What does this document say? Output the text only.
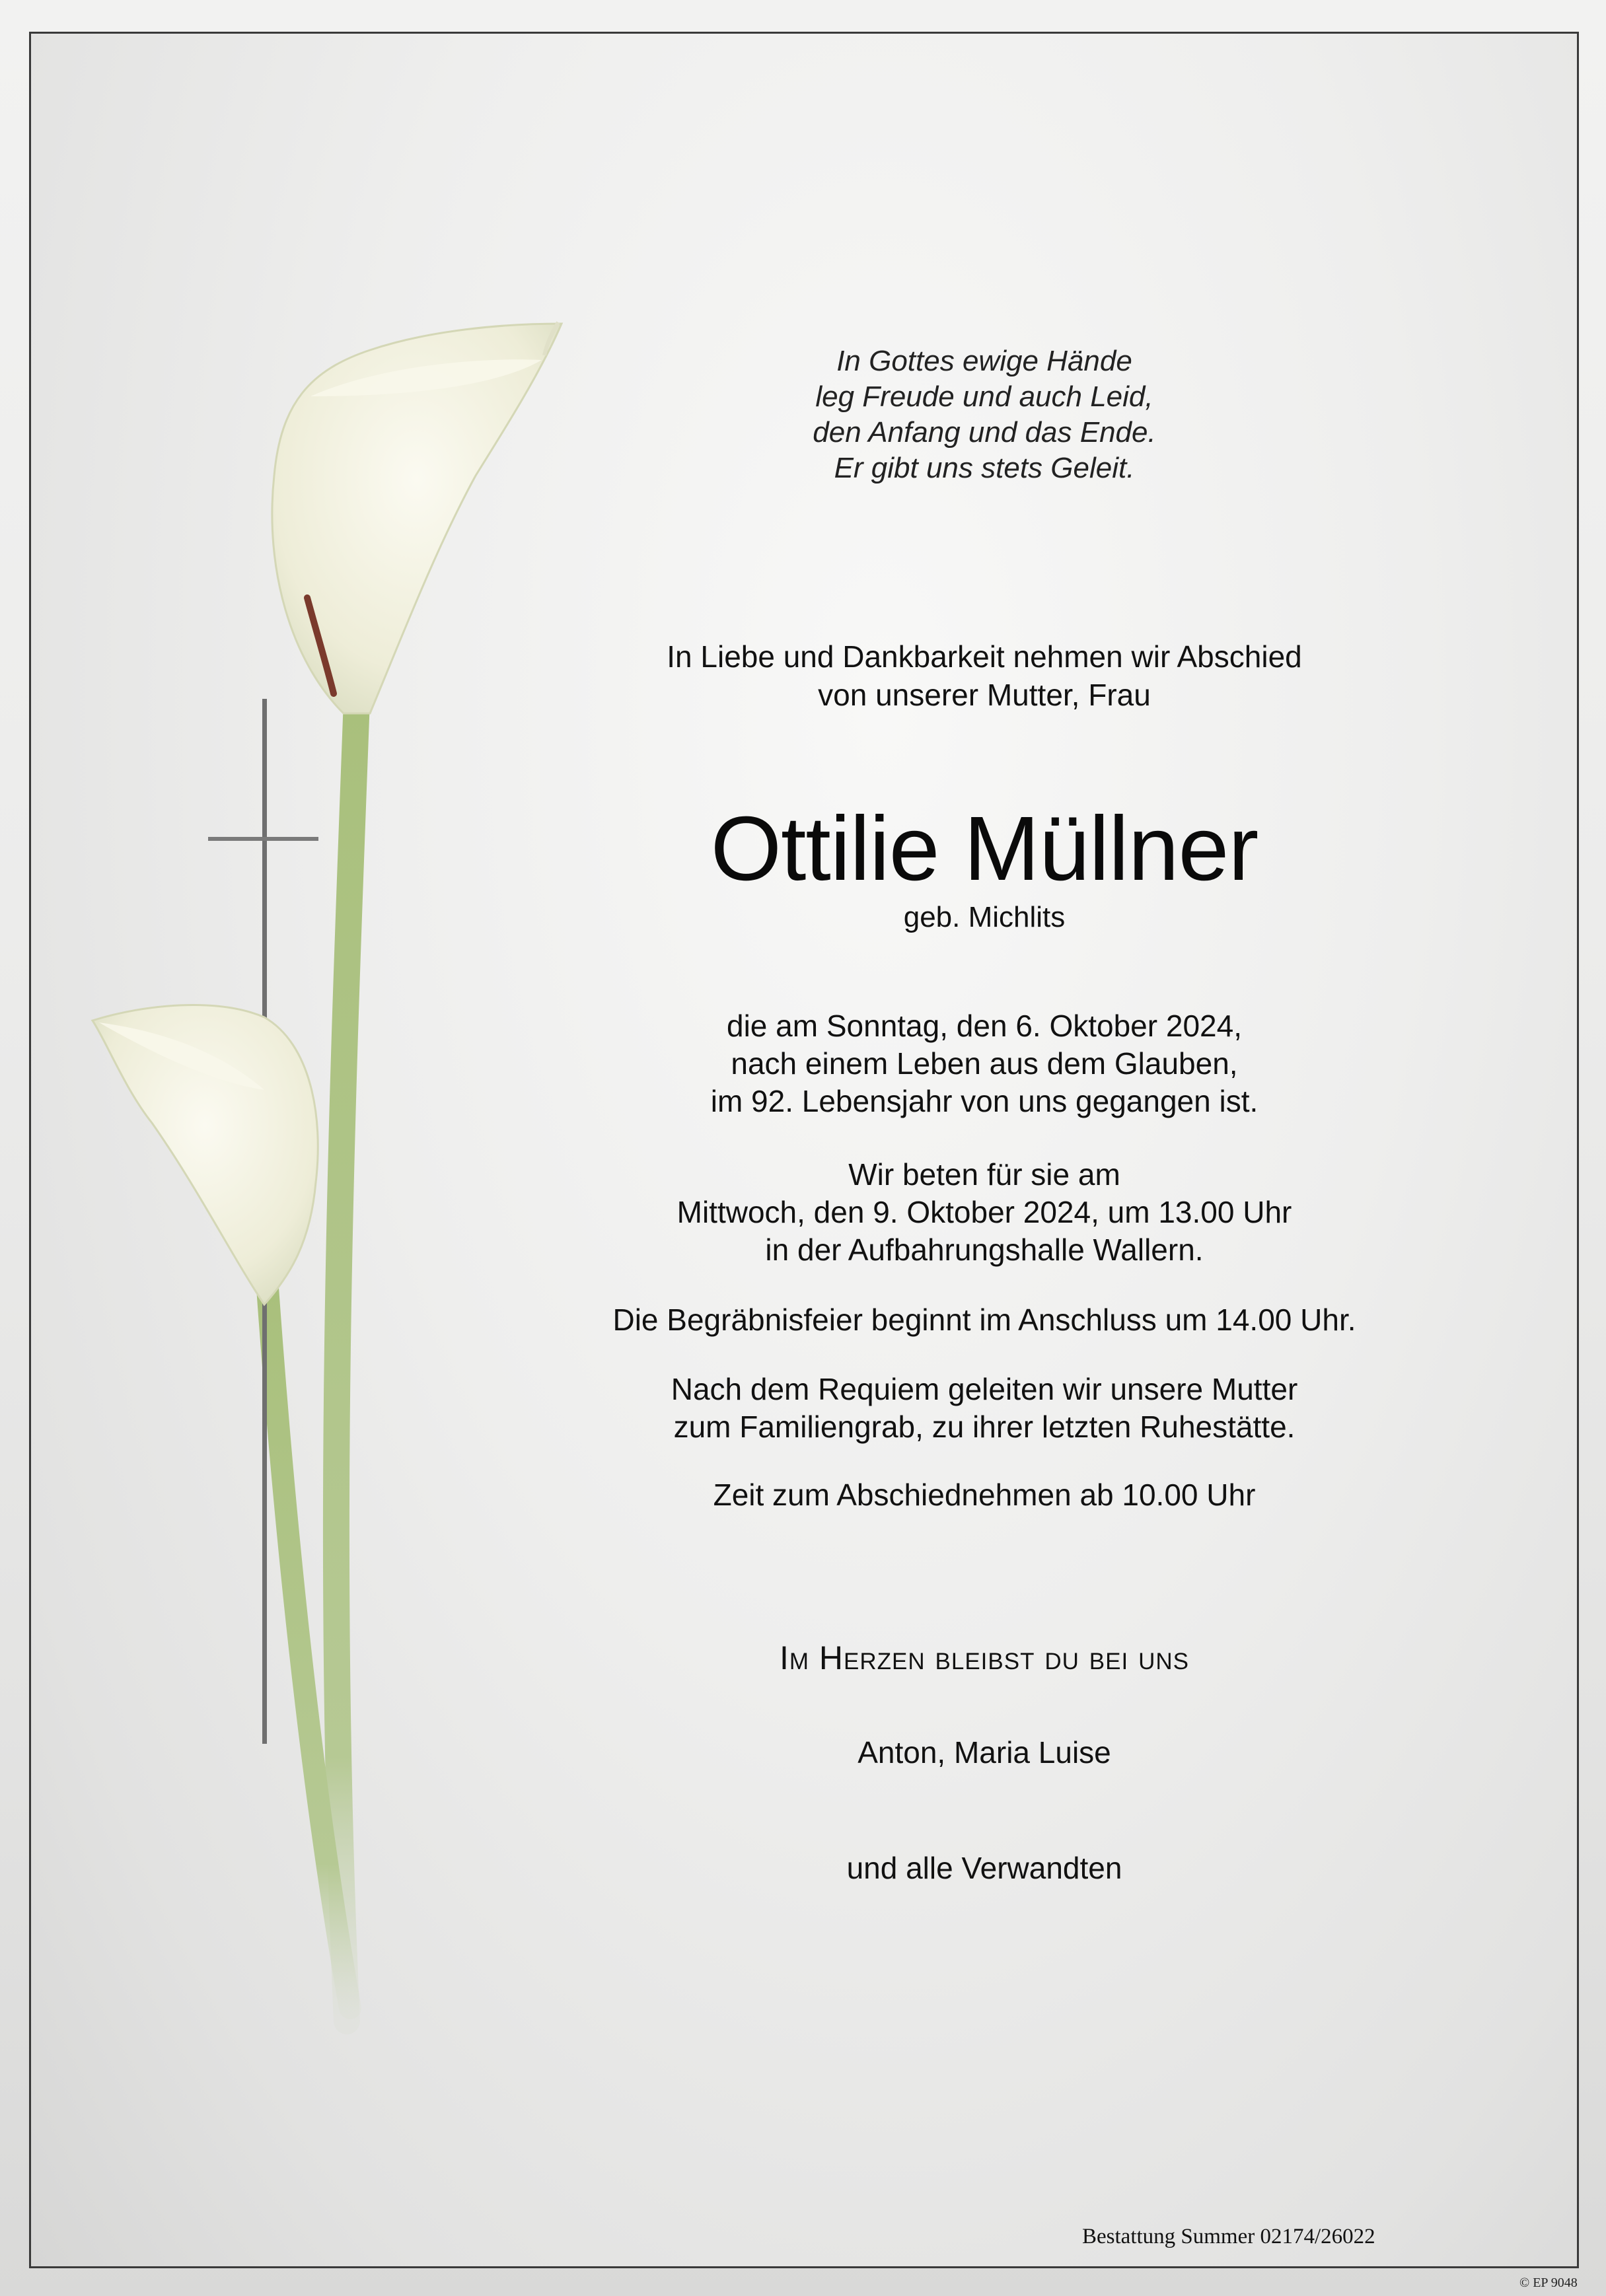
In Gottes ewige Hände
leg Freude und auch Leid,
den Anfang und das Ende.
Er gibt uns stets Geleit.
In Liebe und Dankbarkeit nehmen wir Abschied
von unserer Mutter, Frau
Ottilie Müllner
geb. Michlits
die am Sonntag, den 6. Oktober 2024,
nach einem Leben aus dem Glauben,
im 92. Lebensjahr von uns gegangen ist.
Wir beten für sie am
Mittwoch, den 9. Oktober 2024, um 13.00 Uhr
in der Aufbahrungshalle Wallern.
Die Begräbnisfeier beginnt im Anschluss um 14.00 Uhr.
Nach dem Requiem geleiten wir unsere Mutter
zum Familiengrab, zu ihrer letzten Ruhestätte.
Zeit zum Abschiednehmen ab 10.00 Uhr
Im Herzen bleibst du bei uns
Anton, Maria Luise
und alle Verwandten
Bestattung Summer 02174/26022
© EP 9048
